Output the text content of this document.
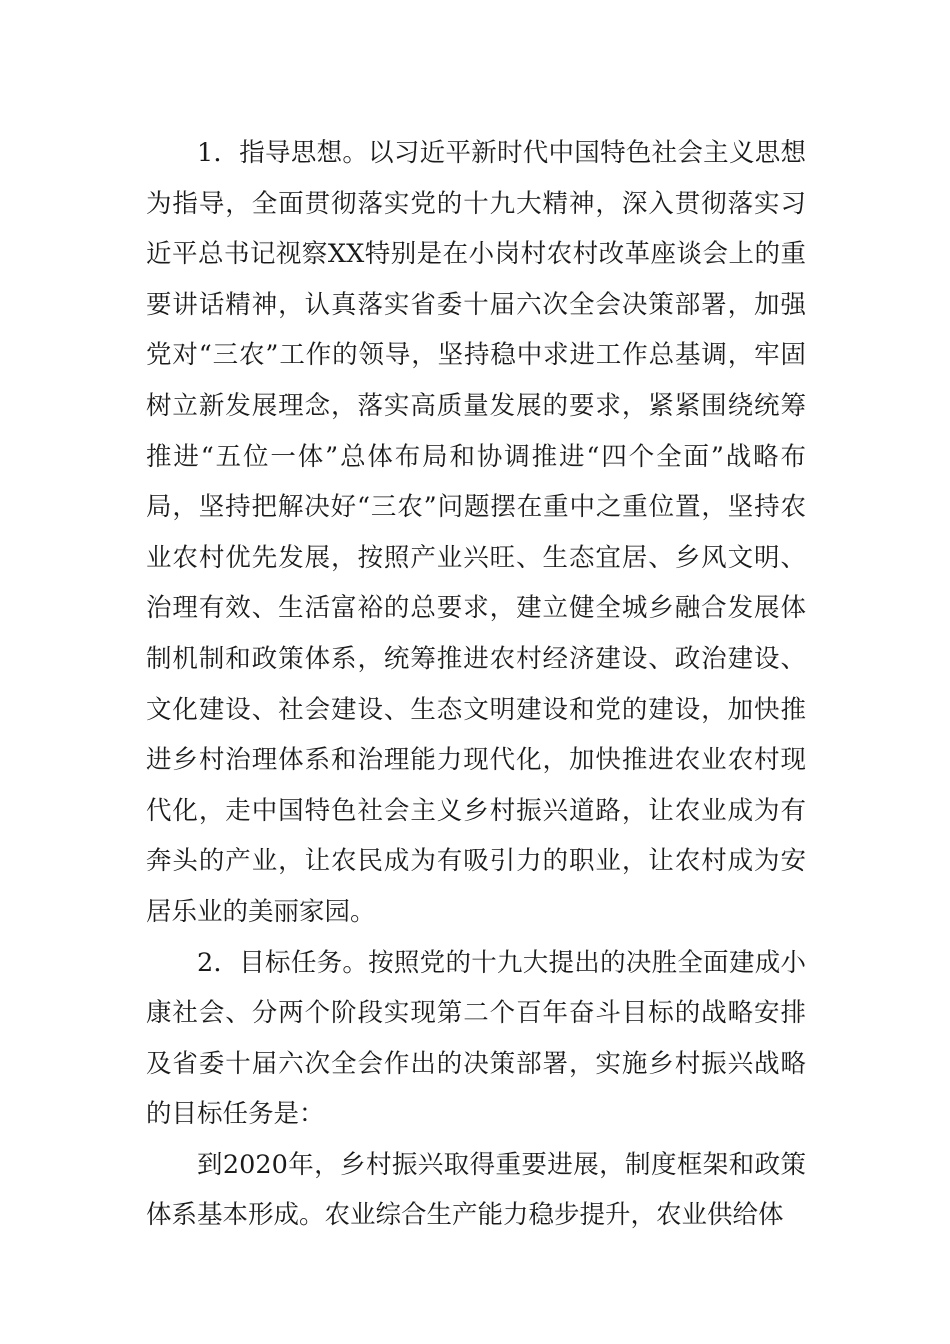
1．指导思想。以习近平新时代中国特色社会主义思想为指导，全面贯彻落实党的十九大精神，深入贯彻落实习近平总书记视察XX特别是在小岗村农村改革座谈会上的重要讲话精神，认真落实省委十届六次全会决策部署，加强党对“三农”工作的领导，坚持稳中求进工作总基调，牢固树立新发展理念，落实高质量发展的要求，紧紧围绕统筹推进“五位一体”总体布局和协调推进“四个全面”战略布局，坚持把解决好“三农”问题摆在重中之重位置，坚持农业农村优先发展，按照产业兴旺、生态宜居、乡风文明、治理有效、生活富裕的总要求，建立健全城乡融合发展体制机制和政策体系，统筹推进农村经济建设、政治建设、文化建设、社会建设、生态文明建设和党的建设，加快推进乡村治理体系和治理能力现代化，加快推进农业农村现代化，走中国特色社会主义乡村振兴道路，让农业成为有奔头的产业，让农民成为有吸引力的职业，让农村成为安居乐业的美丽家园。

2．目标任务。按照党的十九大提出的决胜全面建成小康社会、分两个阶段实现第二个百年奋斗目标的战略安排及省委十届六次全会作出的决策部署，实施乡村振兴战略的目标任务是：

到2020年，乡村振兴取得重要进展，制度框架和政策体系基本形成。农业综合生产能力稳步提升，农业供给体
